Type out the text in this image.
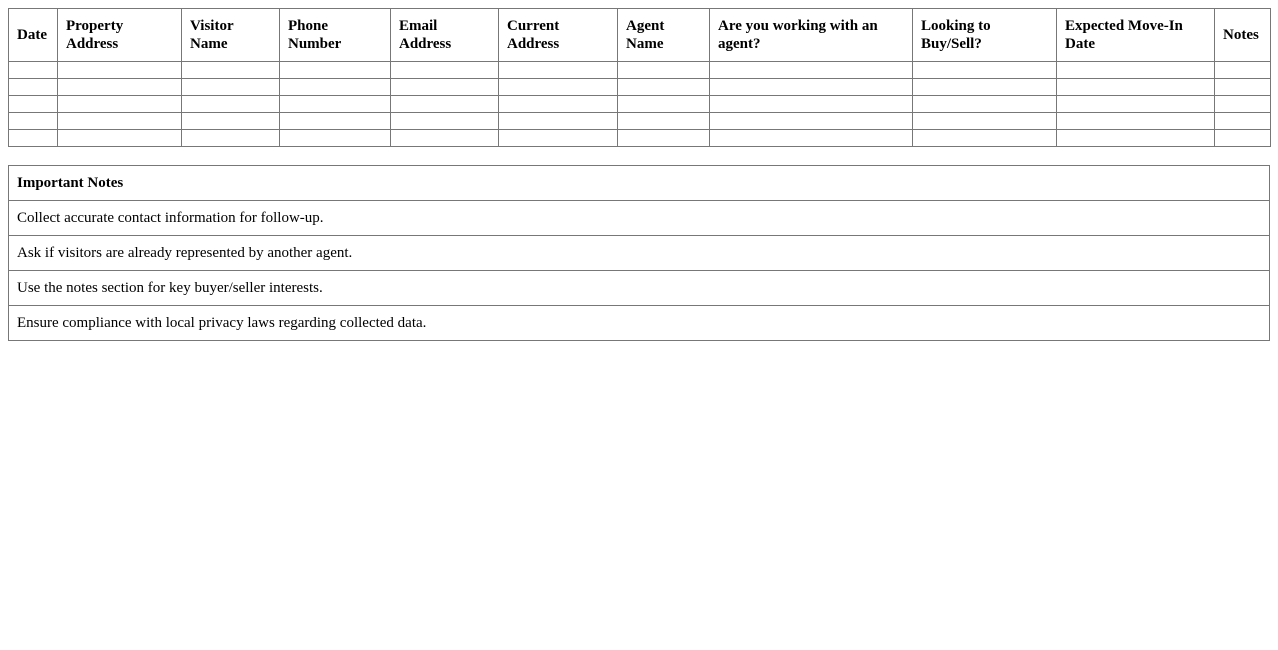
Date	Property Address	Visitor Name	Phone Number	Email Address	Current Address	Agent Name	Are you working with an agent?	Looking to Buy/Sell?	Expected Move-In Date	Notes

Important Notes
Collect accurate contact information for follow-up.
Ask if visitors are already represented by another agent.
Use the notes section for key buyer/seller interests.
Ensure compliance with local privacy laws regarding collected data.
